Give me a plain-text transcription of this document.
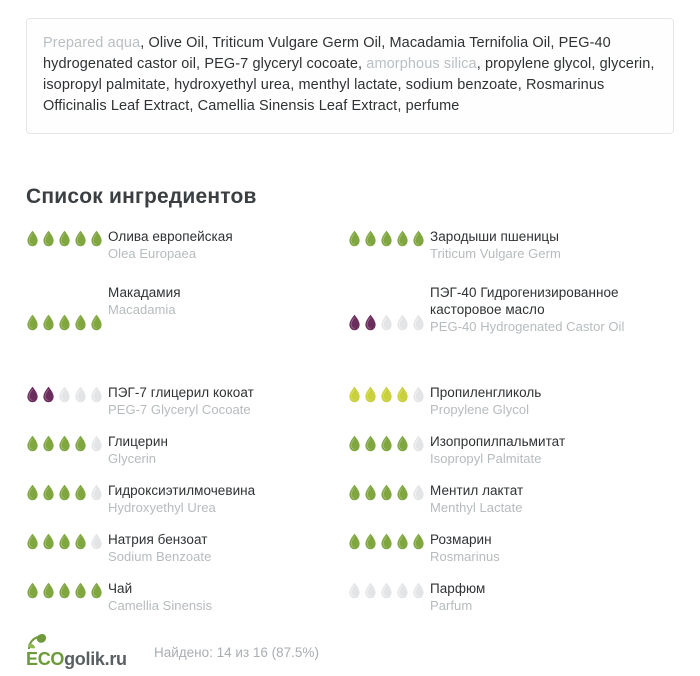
Prepared aqua, Olive Oil, Triticum Vulgare Germ Oil, Macadamia Ternifolia Oil, PEG-40 hydrogenated castor oil, PEG-7 glyceryl cocoate, amorphous silica, propylene glycol, glycerin, isopropyl palmitate, hydroxyethyl urea, menthyl lactate, sodium benzoate, Rosmarinus Officinalis Leaf Extract, Camellia Sinensis Leaf Extract, perfume
Список ингредиентов
Олива европейская
Olea Europaea
Макадамия
Macadamia
ПЭГ-7 глицерил кокоат
PEG-7 Glyceryl Cocoate
Глицерин
Glycerin
Гидроксиэтилмочевина
Hydroxyethyl Urea
Натрия бензоат
Sodium Benzoate
Чай
Camellia Sinensis
Зародыши пшеницы
Triticum Vulgare Germ
ПЭГ-40 Гидрогенизированное касторовое масло
PEG-40 Hydrogenated Castor Oil
Пропиленгликоль
Propylene Glycol
Изопропилпальмитат
Isopropyl Palmitate
Ментил лактат
Menthyl Lactate
Розмарин
Rosmarinus
Парфюм
Parfum
ECOgolik.ru	Найдено: 14 из 16 (87.5%)
